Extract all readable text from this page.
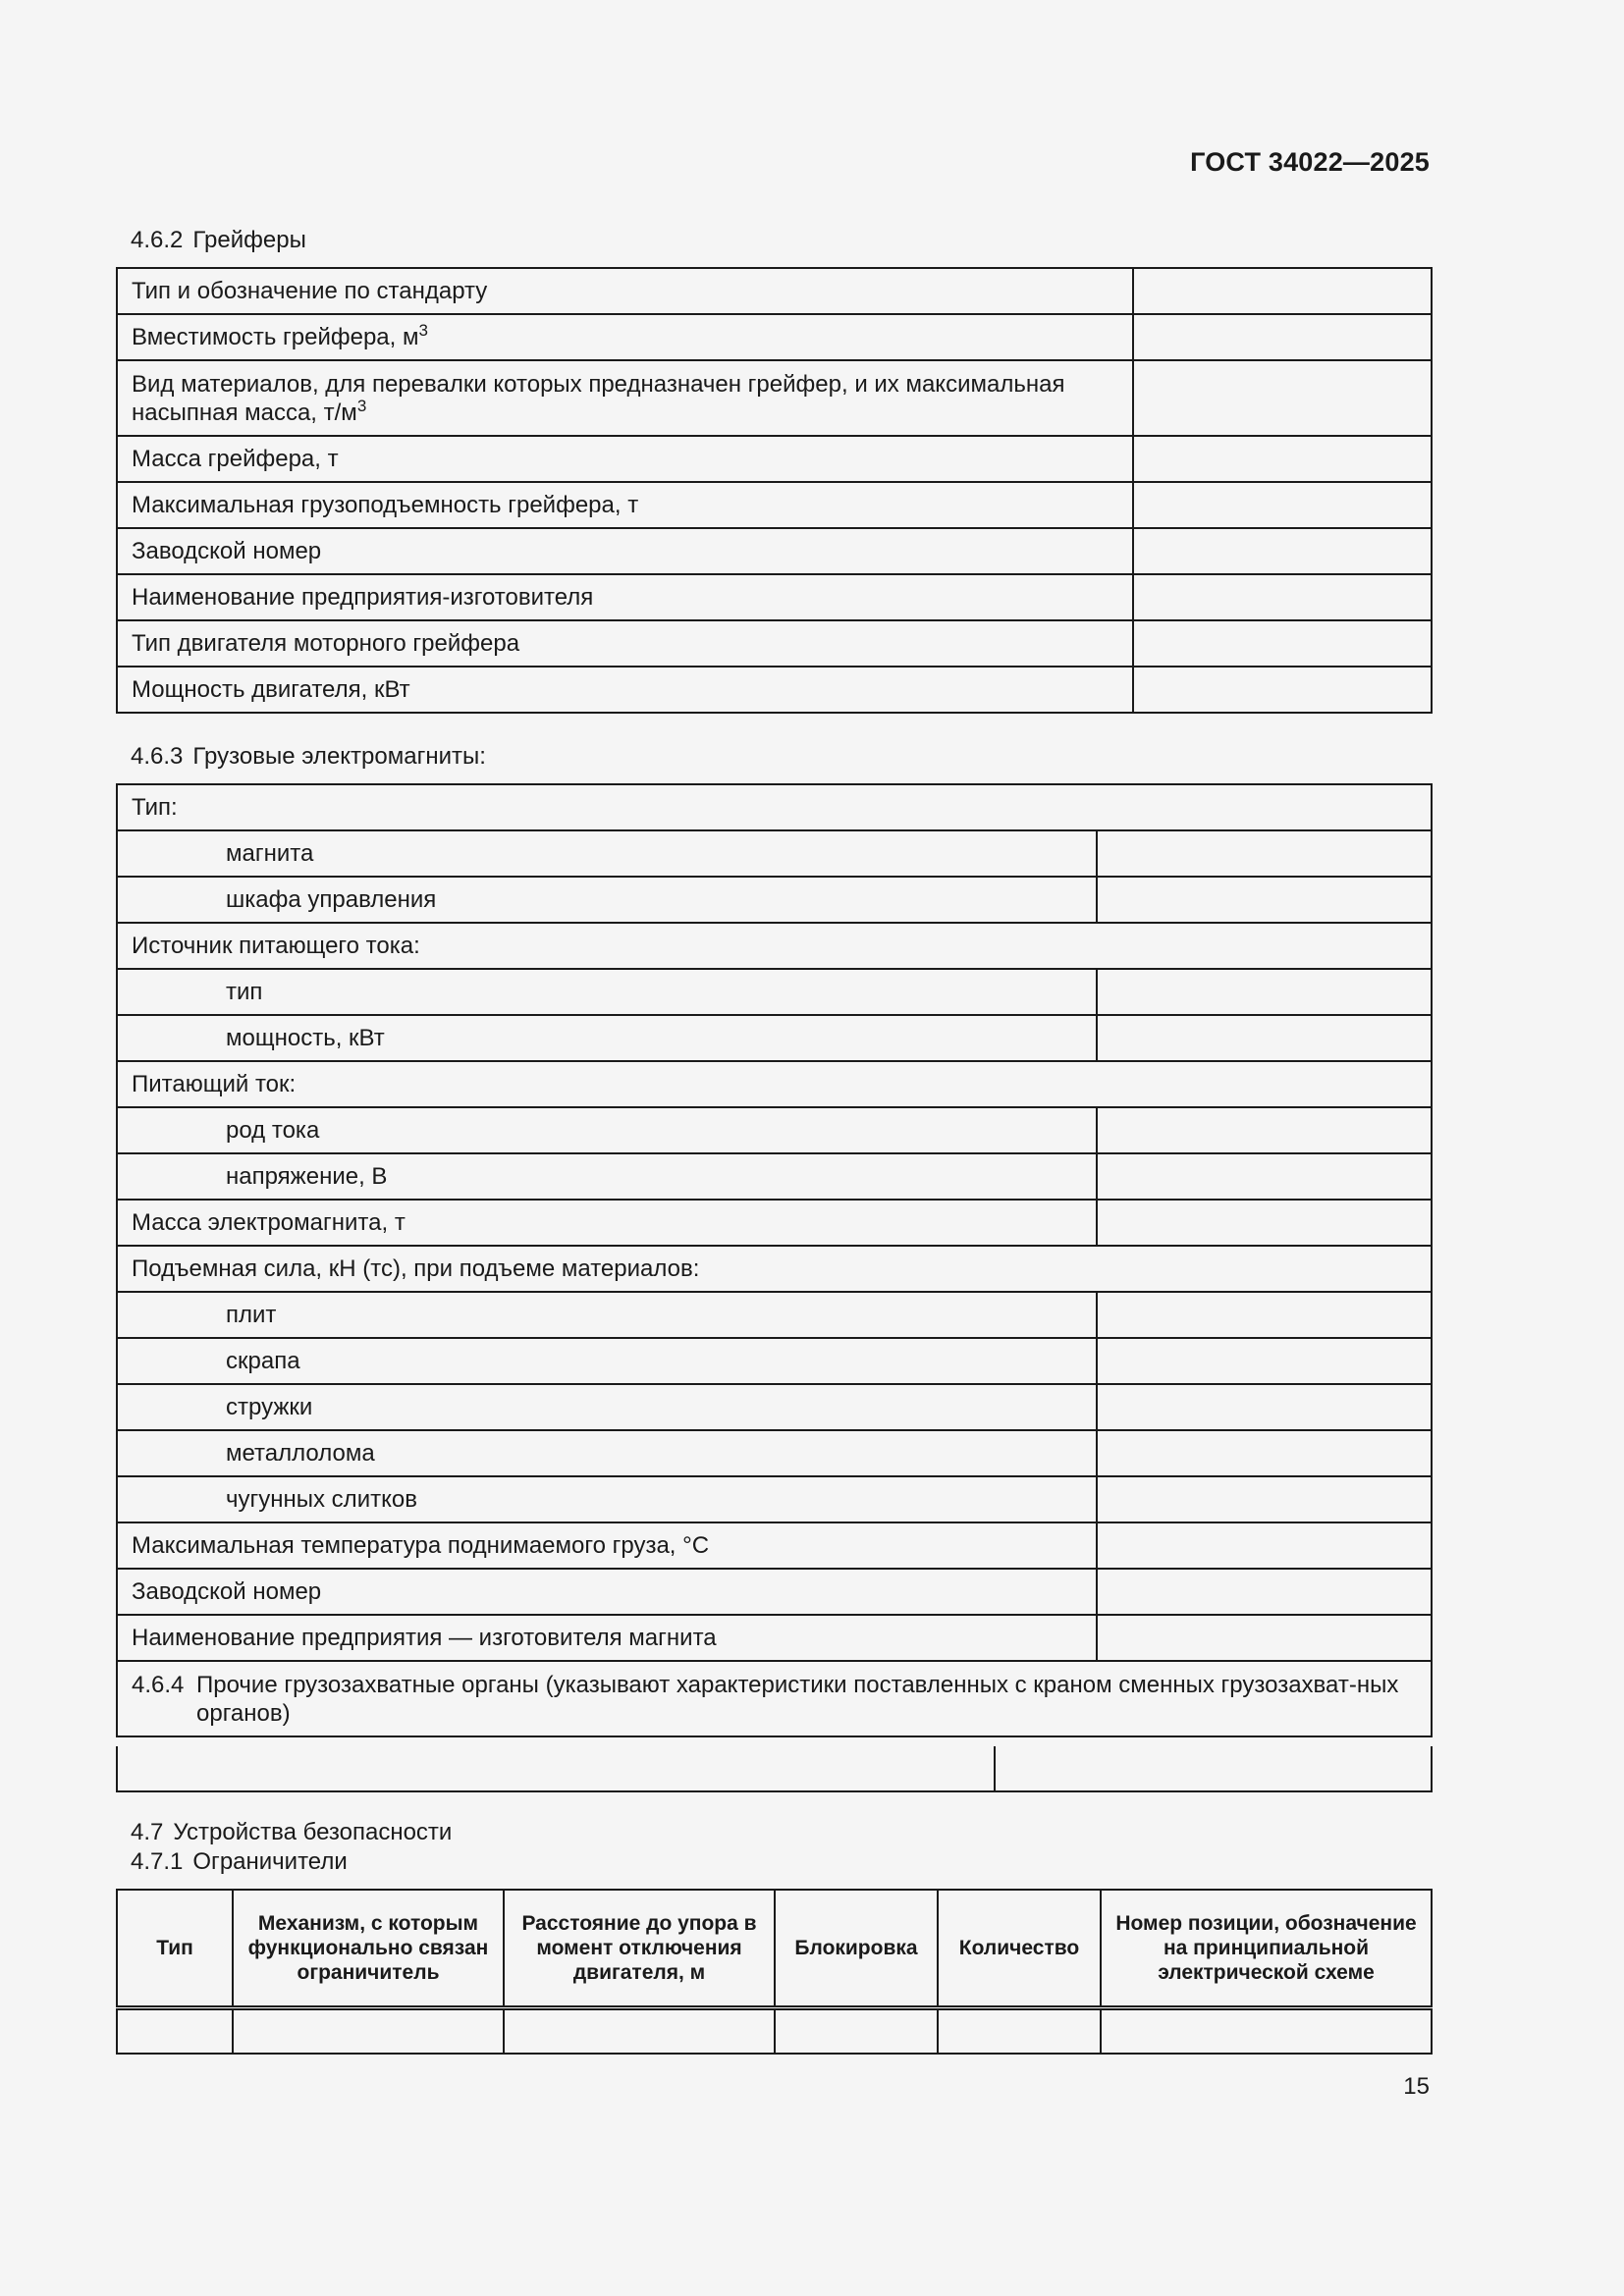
ГОСТ 34022—2025
4.6.2 Грейферы
Тип и обозначение по стандарту	
Вместимость грейфера, $м^3$	
Вид материалов, для перевалки которых предназначен грейфер, и их максимальная насыпная масса, $т/м^3$	
Масса грейфера, т	
Максимальная грузоподъемность грейфера, т	
Заводской номер	
Наименование предприятия-изготовителя	
Тип двигателя моторного грейфера	
Мощность двигателя, кВт	
4.6.3 Грузовые электромагниты:
Тип:	
магнита	
шкафа управления	
Источник питающего тока:	
тип	
мощность, кВт	
Питающий ток:	
род тока	
напряжение, В	
Масса электромагнита, т	
Подъемная сила, кН (тс), при подъеме материалов:	
плит	
скрапа	
стружки	
металлолома	
чугунных слитков	
Максимальная температура поднимаемого груза, °С	
Заводской номер	
Наименование предприятия — изготовителя магнита	
4.6.4 Прочие грузозахватные органы (указывают характеристики поставленных с краном сменных грузозахват-ных органов)	

4.7 Устройства безопасности
4.7.1 Ограничители
Тип	Механизм, с которым функционально связан ограничитель	Расстояние до упора в момент отключения двигателя, м	Блокировка	Количество	Номер позиции, обозначение на принципиальной электрической схеме

15
